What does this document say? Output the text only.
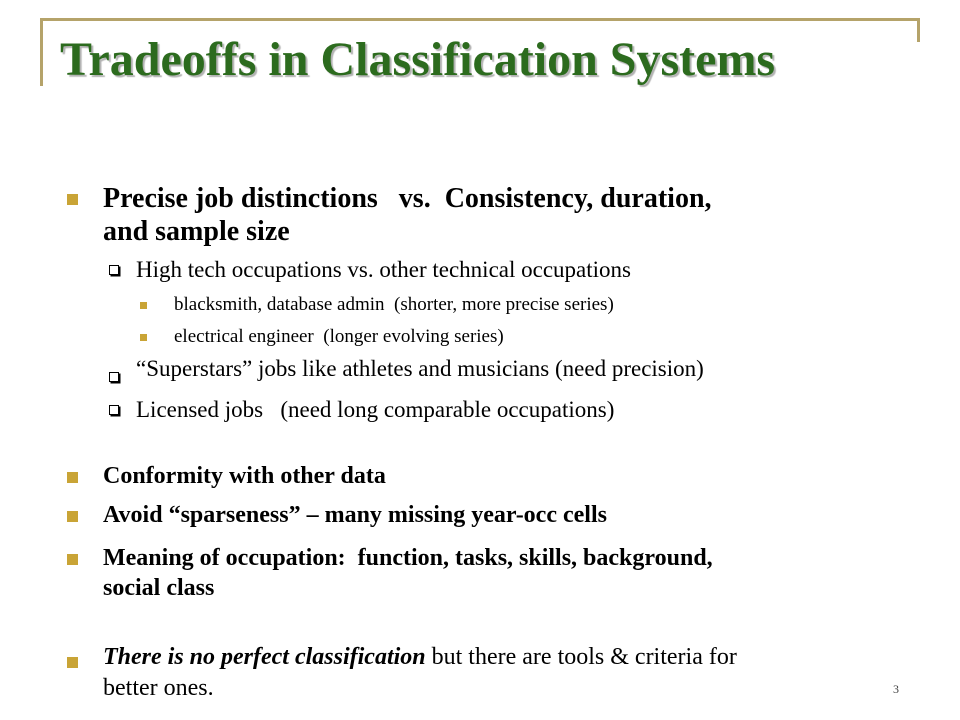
Tradeoffs in Classification Systems
Precise job distinctions   vs.  Consistency, duration,
and sample size
High tech occupations vs. other technical occupations
blacksmith, database admin  (shorter, more precise series)
electrical engineer  (longer evolving series)
“Superstars” jobs like athletes and musicians (need precision)
Licensed jobs   (need long comparable occupations)
Conformity with other data
Avoid “sparseness” – many missing year-occ cells
Meaning of occupation:  function, tasks, skills, background,
social class
There is no perfect classification but there are tools & criteria for
better ones.	3
